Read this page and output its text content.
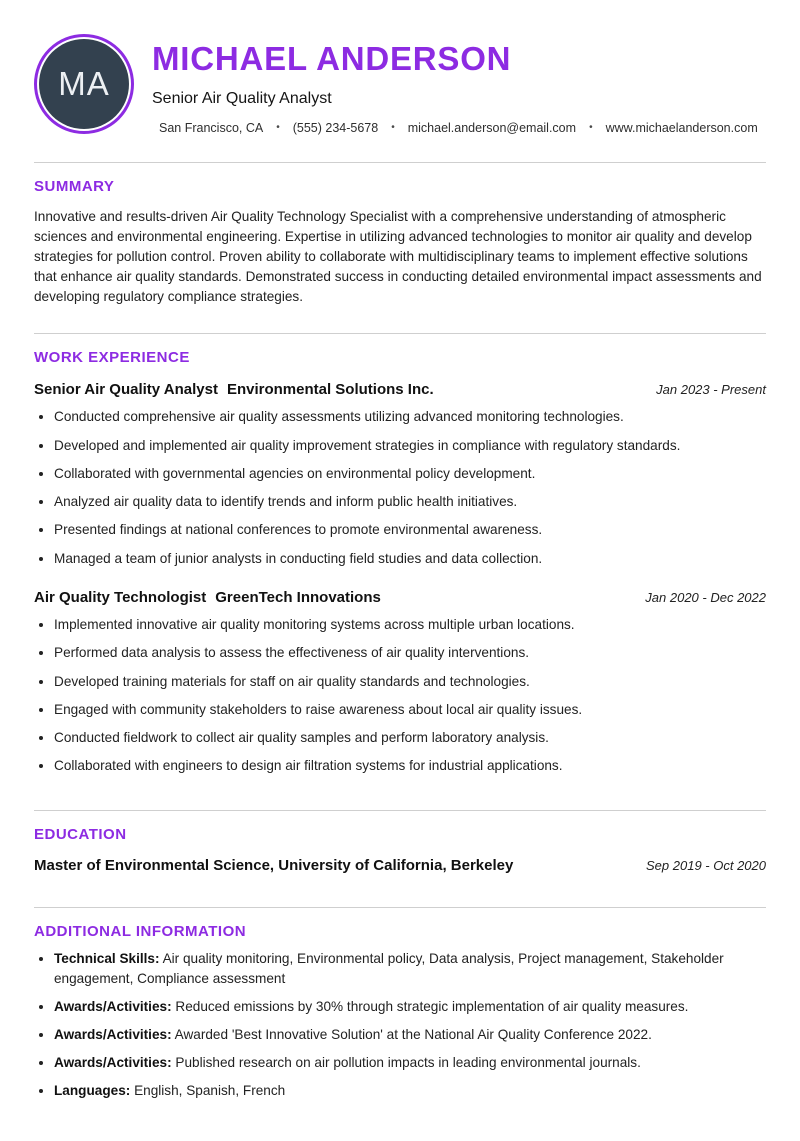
MA
MICHAEL ANDERSON
Senior Air Quality Analyst
San Francisco, CA • (555) 234-5678 • michael.anderson@email.com • www.michaelanderson.com
SUMMARY

Innovative and results-driven Air Quality Technology Specialist with a comprehensive understanding of atmospheric sciences and environmental engineering. Expertise in utilizing advanced technologies to monitor air quality and develop strategies for pollution control. Proven ability to collaborate with multidisciplinary teams to implement effective solutions that enhance air quality standards. Demonstrated success in conducting detailed environmental impact assessments and developing regulatory compliance strategies.

WORK EXPERIENCE
Senior Air Quality Analyst Environmental Solutions Inc.	Jan 2023 - Present
• Conducted comprehensive air quality assessments utilizing advanced monitoring technologies.
• Developed and implemented air quality improvement strategies in compliance with regulatory standards.
• Collaborated with governmental agencies on environmental policy development.
• Analyzed air quality data to identify trends and inform public health initiatives.
• Presented findings at national conferences to promote environmental awareness.
• Managed a team of junior analysts in conducting field studies and data collection.
Air Quality Technologist GreenTech Innovations	Jan 2020 - Dec 2022
• Implemented innovative air quality monitoring systems across multiple urban locations.
• Performed data analysis to assess the effectiveness of air quality interventions.
• Developed training materials for staff on air quality standards and technologies.
• Engaged with community stakeholders to raise awareness about local air quality issues.
• Conducted fieldwork to collect air quality samples and perform laboratory analysis.
• Collaborated with engineers to design air filtration systems for industrial applications.
EDUCATION
Master of Environmental Science, University of California, Berkeley	Sep 2019 - Oct 2020
ADDITIONAL INFORMATION
• Technical Skills: Air quality monitoring, Environmental policy, Data analysis, Project management, Stakeholder engagement, Compliance assessment
• Awards/Activities: Reduced emissions by 30% through strategic implementation of air quality measures.
• Awards/Activities: Awarded 'Best Innovative Solution' at the National Air Quality Conference 2022.
• Awards/Activities: Published research on air pollution impacts in leading environmental journals.
• Languages: English, Spanish, French
